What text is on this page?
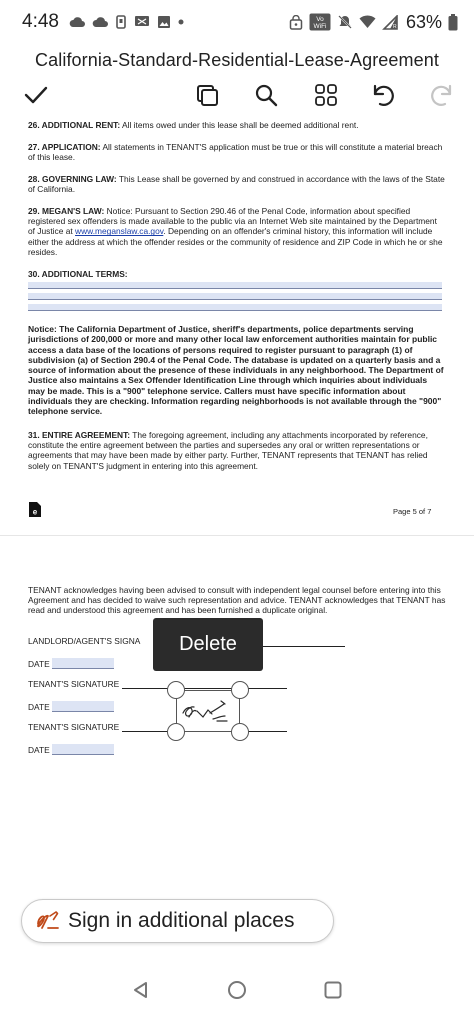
4:48	Vo
WiFi	R 63%
California-Standard-Residential-Lease-Agreement
26. ADDITIONAL RENT: All items owed under this lease shall be deemed additional rent.
27. APPLICATION: All statements in TENANT'S application must be true or this will constitute a material breach of this lease.
28. GOVERNING LAW: This Lease shall be governed by and construed in accordance with the laws of the State of California.
29. MEGAN'S LAW: Notice: Pursuant to Section 290.46 of the Penal Code, information about specified registered sex offenders is made available to the public via an Internet Web site maintained by the Department of Justice at www.meganslaw.ca.gov. Depending on an offender's criminal history, this information will include either the address at which the offender resides or the community of residence and ZIP Code in which he or she resides.
30. ADDITIONAL TERMS:
Notice: The California Department of Justice, sheriff's departments, police departments serving jurisdictions of 200,000 or more and many other local law enforcement authorities maintain for public access a data base of the locations of persons required to register pursuant to paragraph (1) of subdivision (a) of Section 290.4 of the Penal Code. The database is updated on a quarterly basis and a source of information about the presence of these individuals in any neighborhood. The Department of Justice also maintains a Sex Offender Identification Line through which inquiries about individuals may be made. This is a "900" telephone service. Callers must have specific information about individuals they are checking. Information regarding neighborhoods is not available through the "900" telephone service.
31. ENTIRE AGREEMENT: The foregoing agreement, including any attachments incorporated by reference, constitute the entire agreement between the parties and supersedes any oral or written representations or agreements that may have been made by either party. Further, TENANT represents that TENANT has relied solely on TENANT'S judgment in entering into this agreement.
e	Page 5 of 7
TENANT acknowledges having been advised to consult with independent legal counsel before entering into this Agreement and has decided to waive such representation and advice. TENANT acknowledges that TENANT has read and understood this agreement and has been furnished a duplicate original.
LANDLORD/AGENT'S SIGNA
DATE
TENANT'S SIGNATURE
DATE
TENANT'S SIGNATURE
DATE
Delete
Sign in additional places
